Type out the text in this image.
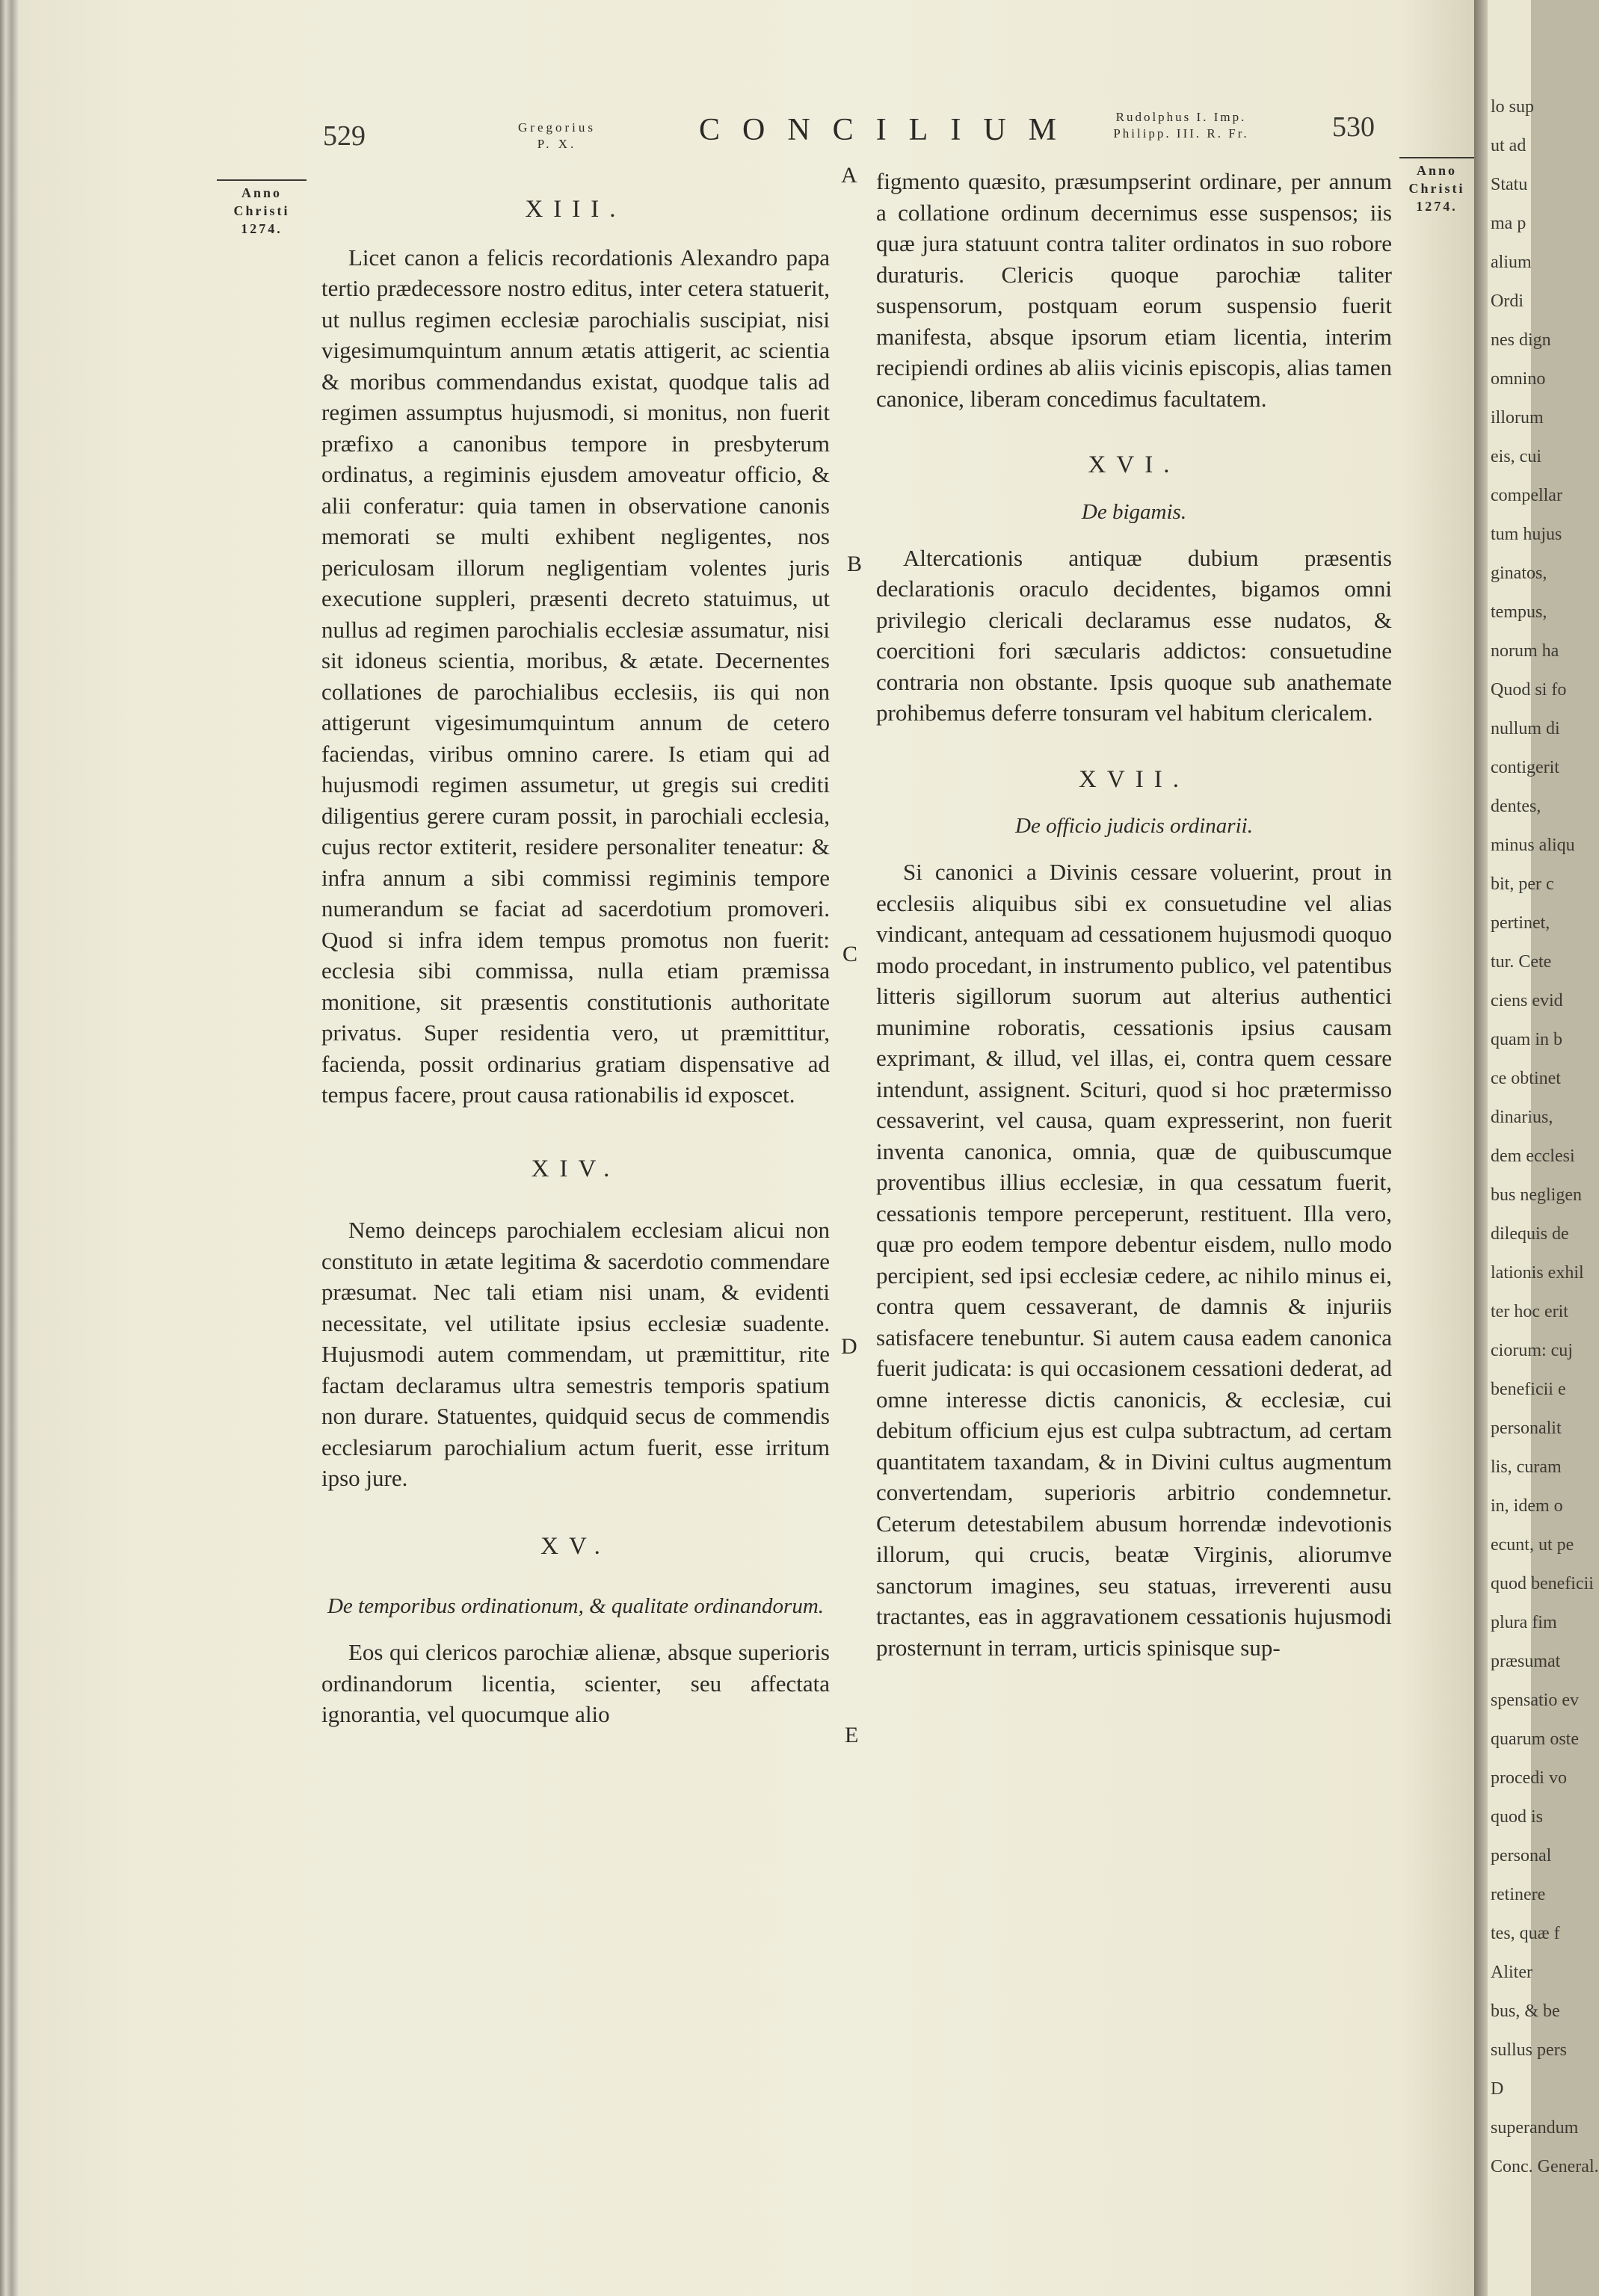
lo sup
ut ad
Statu
ma p
alium
Ordi
nes dign
omnino
illorum
eis, cui
compellar
tum hujus
ginatos,
tempus,
norum ha
Quod si fo
nullum di
contigerit
dentes,
minus aliqu
bit, per c
pertinet,
tur. Cete
ciens evid
quam in b
ce obtinet
dinarius,
dem ecclesi
bus negligen
dilequis de
lationis exhil
ter hoc erit
ciorum: cuj
beneficii e
personalit
lis, curam
in, idem o
ecunt, ut pe
quod beneficii
plura fim
præsumat
spensatio ev
quarum oste
procedi vo
quod is
personal
retinere
tes, quæ f
Aliter
bus, & be
sullus pers
D
superandum
Conc. General.
529	Gregorius
P. X.	CONCILIUM	Rudolphus I. Imp.
Philipp. III. R. Fr.	530
Anno
Christi
1274.
Anno
Christi
1274.
A
B
C
D
E
XIII.

Licet canon a felicis recordationis Alexandro papa tertio prædecessore nostro editus, inter cetera statuerit, ut nullus regimen ecclesiæ parochialis suscipiat, nisi vigesimumquintum annum ætatis attigerit, ac scientia & moribus commendandus existat, quodque talis ad regimen assumptus hujusmodi, si monitus, non fuerit præfixo a canonibus tempore in presbyterum ordinatus, a regiminis ejusdem amoveatur officio, & alii conferatur: quia tamen in observatione canonis memorati se multi exhibent negligentes, nos periculosam illorum negligentiam volentes juris executione suppleri, præsenti decreto statuimus, ut nullus ad regimen parochialis ecclesiæ assumatur, nisi sit idoneus scientia, moribus, & ætate. Decernentes collationes de parochialibus ecclesiis, iis qui non attigerunt vigesimumquintum annum de cetero faciendas, viribus omnino carere. Is etiam qui ad hujusmodi regimen assumetur, ut gregis sui crediti diligentius gerere curam possit, in parochiali ecclesia, cujus rector extiterit, residere personaliter teneatur: & infra annum a sibi commissi regiminis tempore numerandum se faciat ad sacerdotium promoveri. Quod si infra idem tempus promotus non fuerit: ecclesia sibi commissa, nulla etiam præmissa monitione, sit præsentis constitutionis authoritate privatus. Super residentia vero, ut præmittitur, facienda, possit ordinarius gratiam dispensative ad tempus facere, prout causa rationabilis id exposcet.

XIV.

Nemo deinceps parochialem ecclesiam alicui non constituto in ætate legitima & sacerdotio commendare præsumat. Nec tali etiam nisi unam, & evidenti necessitate, vel utilitate ipsius ecclesiæ suadente. Hujusmodi autem commendam, ut præmittitur, rite factam declaramus ultra semestris temporis spatium non durare. Statuentes, quidquid secus de commendis ecclesiarum parochialium actum fuerit, esse irritum ipso jure.

XV.
De temporibus ordinationum, & qualitate ordinandorum.

Eos qui clericos parochiæ alienæ, absque superioris ordinandorum licentia, scienter, seu affectata ignorantia, vel quocumque alio

figmento quæsito, præsumpserint ordinare, per annum a collatione ordinum decernimus esse suspensos; iis quæ jura statuunt contra taliter ordinatos in suo robore duraturis. Clericis quoque parochiæ taliter suspensorum, postquam eorum suspensio fuerit manifesta, absque ipsorum etiam licentia, interim recipiendi ordines ab aliis vicinis episcopis, alias tamen canonice, liberam concedimus facultatem.

XVI.
De bigamis.

Altercationis antiquæ dubium præsentis declarationis oraculo decidentes, bigamos omni privilegio clericali declaramus esse nudatos, & coercitioni fori sæcularis addictos: consuetudine contraria non obstante. Ipsis quoque sub anathemate prohibemus deferre tonsuram vel habitum clericalem.

XVII.
De officio judicis ordinarii.

Si canonici a Divinis cessare voluerint, prout in ecclesiis aliquibus sibi ex consuetudine vel alias vindicant, antequam ad cessationem hujusmodi quoquo modo procedant, in instrumento publico, vel patentibus litteris sigillorum suorum aut alterius authentici munimine roboratis, cessationis ipsius causam exprimant, & illud, vel illas, ei, contra quem cessare intendunt, assignent. Scituri, quod si hoc prætermisso cessaverint, vel causa, quam expresserint, non fuerit inventa canonica, omnia, quæ de quibuscumque proventibus illius ecclesiæ, in qua cessatum fuerit, cessationis tempore perceperunt, restituent. Illa vero, quæ pro eodem tempore debentur eisdem, nullo modo percipient, sed ipsi ecclesiæ cedere, ac nihilo minus ei, contra quem cessaverant, de damnis & injuriis satisfacere tenebuntur. Si autem causa eadem canonica fuerit judicata: is qui occasionem cessationi dederat, ad omne interesse dictis canonicis, & ecclesiæ, cui debitum officium ejus est culpa subtractum, ad certam quantitatem taxandam, & in Divini cultus augmentum convertendam, superioris arbitrio condemnetur. Ceterum detestabilem abusum horrendæ indevotionis illorum, qui crucis, beatæ Virginis, aliorumve sanctorum imagines, seu statuas, irreverenti ausu tractantes, eas in aggravationem cessationis hujusmodi prosternunt in terram, urticis spinisque sup-
